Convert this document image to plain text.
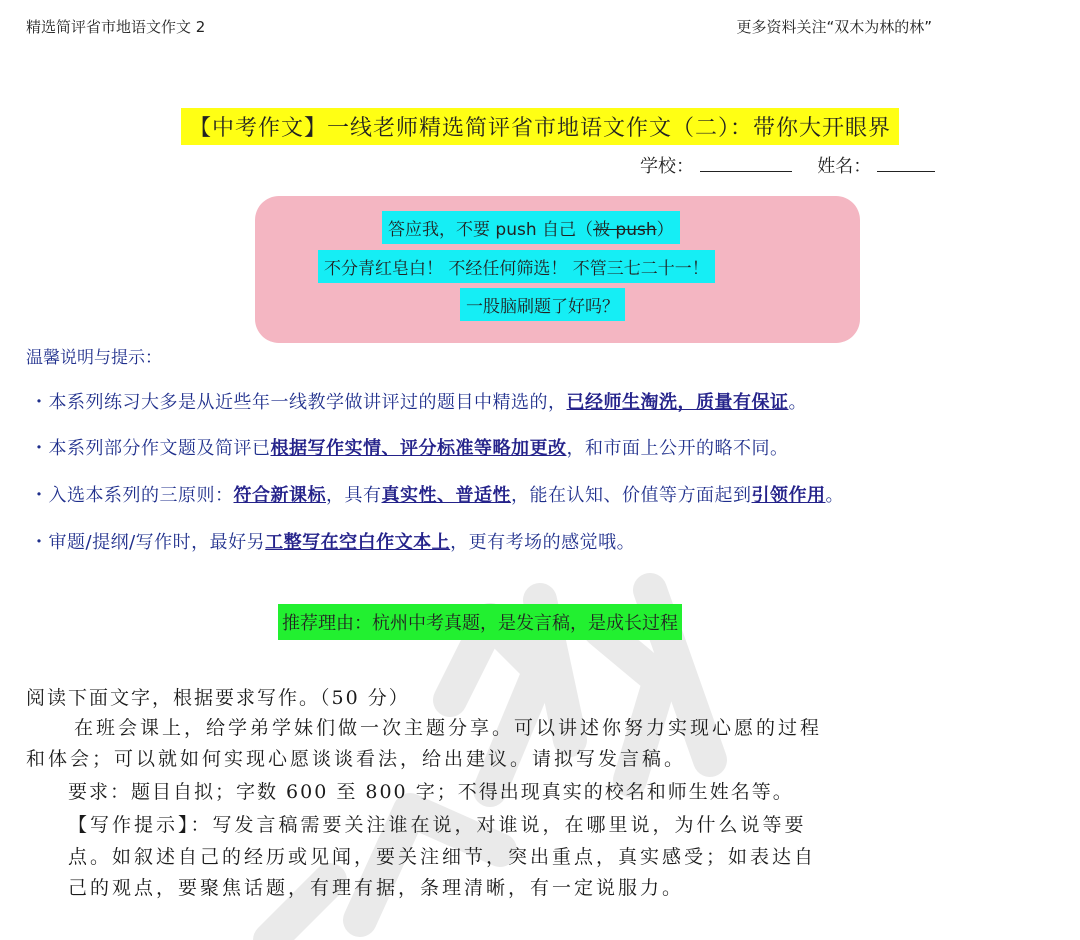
精选简评省市地语文作文 2	更多资料关注“双木为林的林”
【中考作文】一线老师精选简评省市地语文作文（二）：带你大开眼界
学校：	姓名：
答应我，不要 push 自己（被 push）
不分青红皂白！ 不经任何筛选！ 不管三七二十一！
一股脑刷题了好吗？
温馨说明与提示：
・本系列练习大多是从近些年一线教学做讲评过的题目中精选的，已经师生淘洗，质量有保证。
・本系列部分作文题及简评已根据写作实情、评分标准等略加更改，和市面上公开的略不同。
・入选本系列的三原则：符合新课标，具有真实性、普适性，能在认知、价值等方面起到引领作用。
・审题/提纲/写作时，最好另工整写在空白作文本上，更有考场的感觉哦。
推荐理由：杭州中考真题，是发言稿，是成长过程
阅读下面文字，根据要求写作。（50 分）
在班会课上，给学弟学妹们做一次主题分享。可以讲述你努力实现心愿的过程
和体会；可以就如何实现心愿谈谈看法，给出建议。请拟写发言稿。
要求：题目自拟；字数 600 至 800 字；不得出现真实的校名和师生姓名等。
【写作提示】：写发言稿需要关注谁在说，对谁说，在哪里说，为什么说等要
点。如叙述自己的经历或见闻，要关注细节，突出重点，真实感受；如表达自
己的观点，要聚焦话题，有理有据，条理清晰，有一定说服力。
